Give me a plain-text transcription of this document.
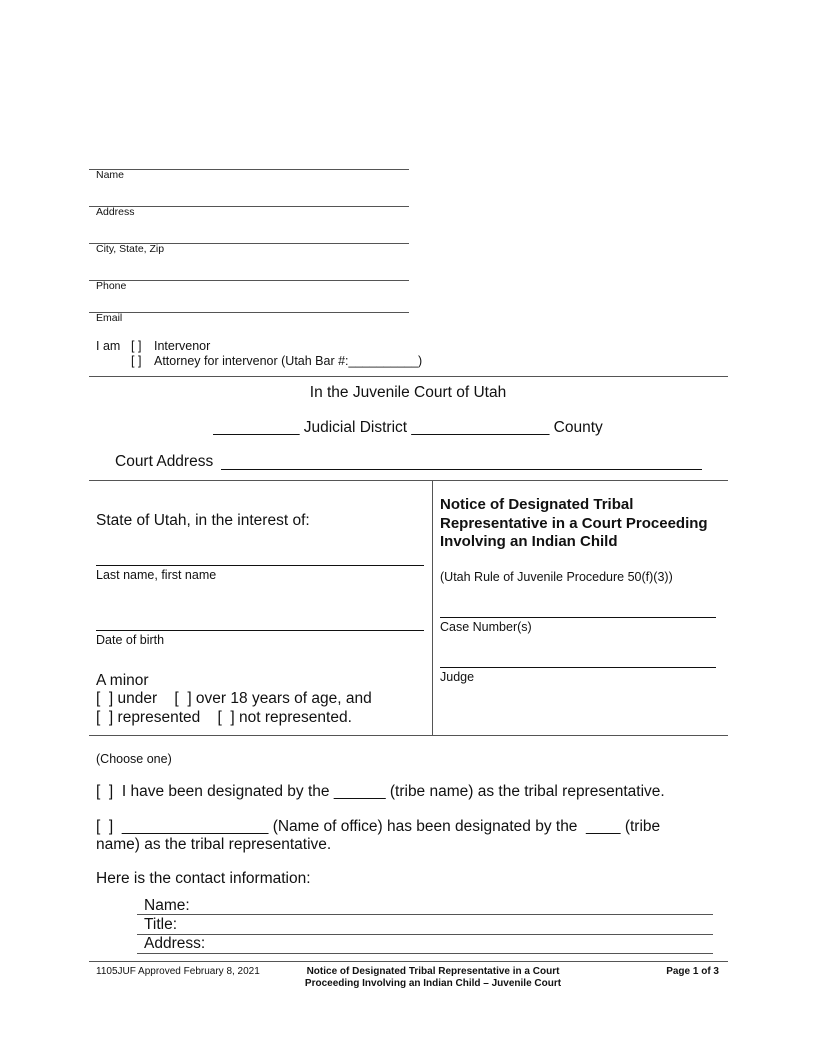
Name
Address
City, State, Zip
Phone
Email
I am [ ] Intervenor
[ ] Attorney for intervenor (Utah Bar #:__________)
In the Juvenile Court of Utah
__________ Judicial District ________________ County
Court Address
State of Utah, in the interest of:
Last name, first name
Date of birth
A minor
[  ] under    [  ] over 18 years of age, and
[  ] represented    [  ] not represented.
Notice of Designated Tribal Representative in a Court Proceeding Involving an Indian Child
(Utah Rule of Juvenile Procedure 50(f)(3))
Case Number(s)
Judge
(Choose one)
[  ]  I have been designated by the ______ (tribe name) as the tribal representative.
[  ]  _________________ (Name of office) has been designated by the  ____ (tribe
name) as the tribal representative.
Here is the contact information:
Name:
Title:
Address:
1105JUF Approved February 8, 2021	Notice of Designated Tribal Representative in a Court
Proceeding Involving an Indian Child – Juvenile Court
Page 1 of 3
